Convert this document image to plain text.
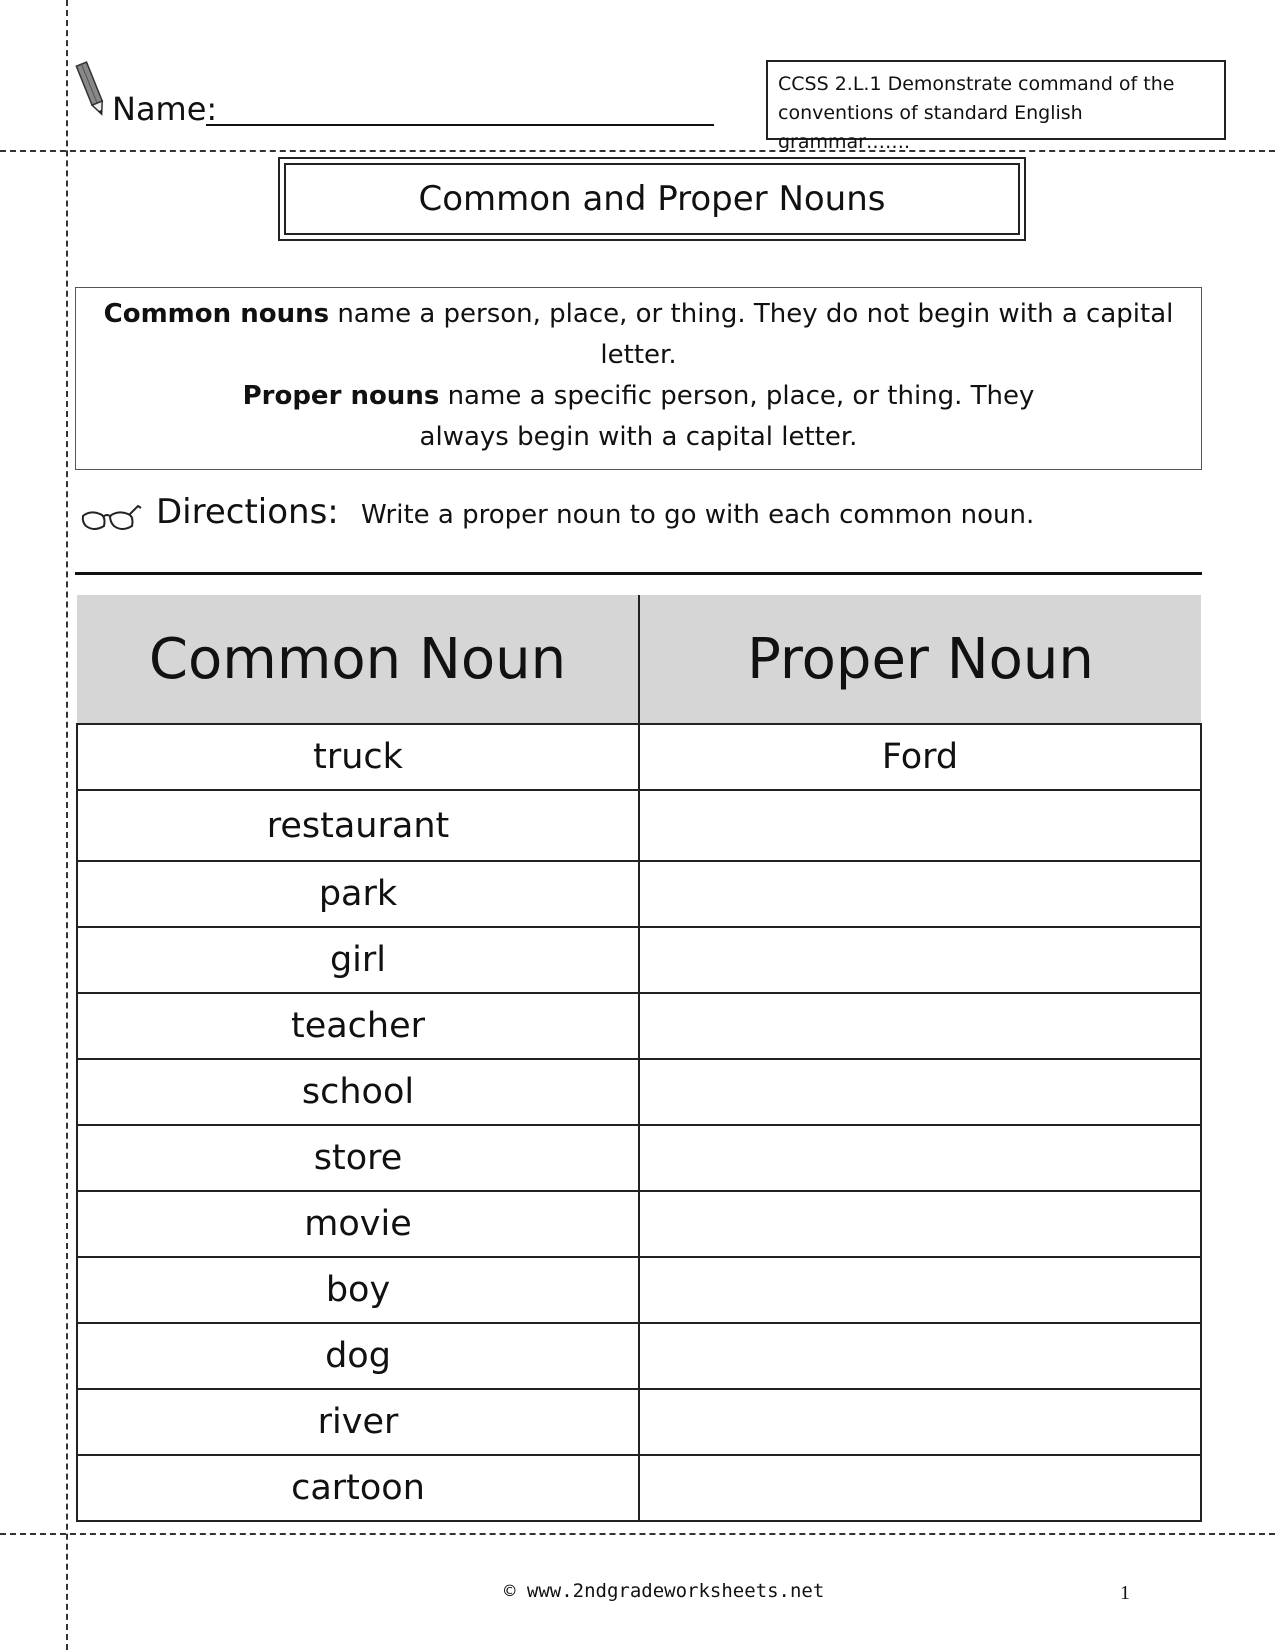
Name:
CCSS 2.L.1 Demonstrate command of the conventions of standard English grammar…….
Common and Proper Nouns
Common nouns name a person, place, or thing. They do not begin with a capital letter.
Proper nouns name a specific person, place, or thing. They always begin with a capital letter.
Directions: Write a proper noun to go with each common noun.
Common Noun	Proper Noun
truck	Ford
restaurant	
park	
girl	
teacher	
school	
store	
movie	
boy	
dog	
river	
cartoon	
© www.2ndgradeworksheets.net	1
